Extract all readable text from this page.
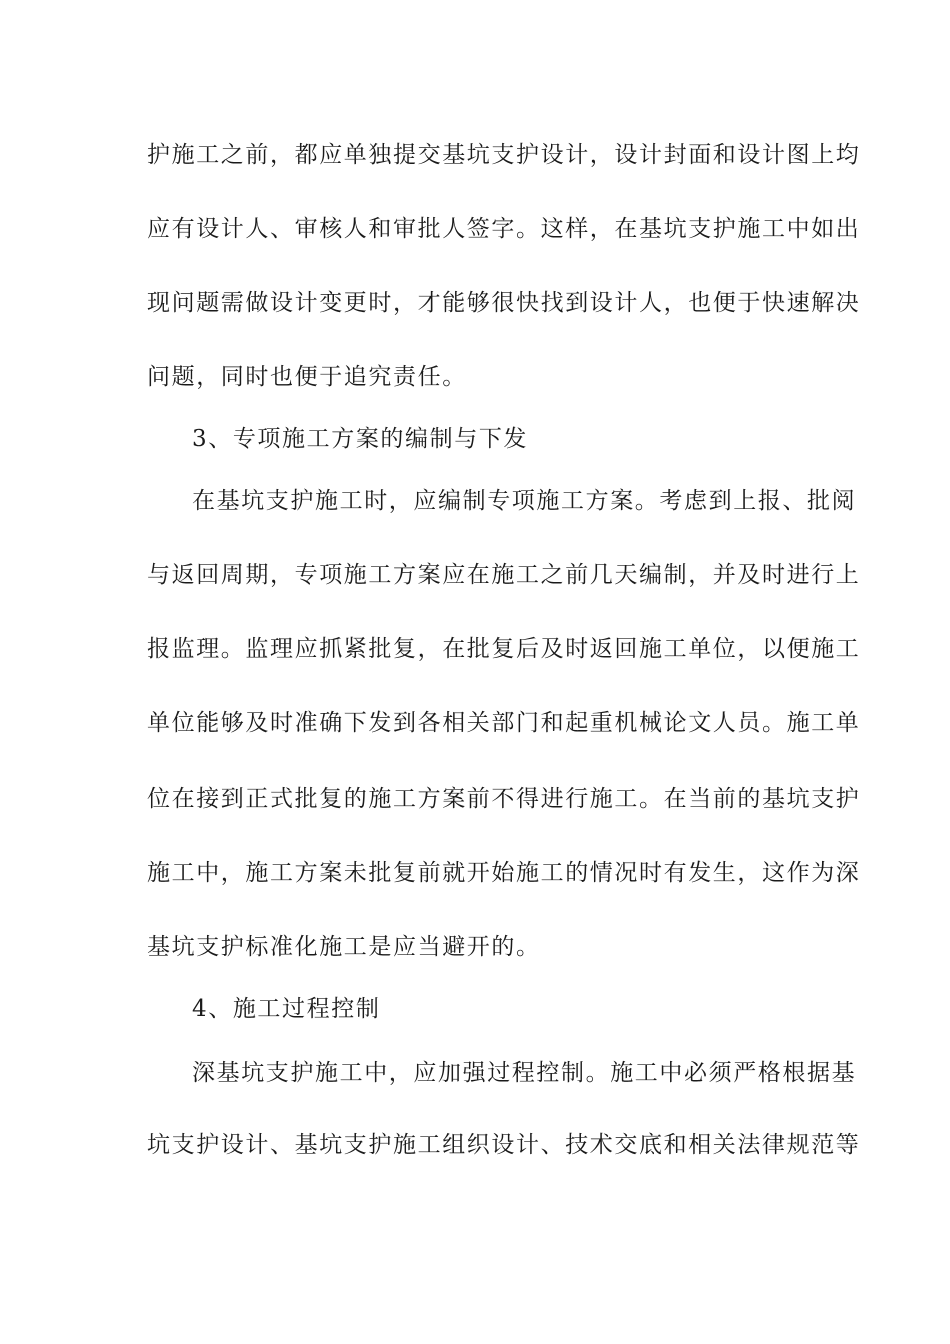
护施工之前，都应单独提交基坑支护设计，设计封面和设计图上均
应有设计人、审核人和审批人签字。这样，在基坑支护施工中如出
现问题需做设计变更时，才能够很快找到设计人，也便于快速解决
问题，同时也便于追究责任。
3、专项施工方案的编制与下发
在基坑支护施工时，应编制专项施工方案。考虑到上报、批阅
与返回周期，专项施工方案应在施工之前几天编制，并及时进行上
报监理。监理应抓紧批复，在批复后及时返回施工单位，以便施工
单位能够及时准确下发到各相关部门和起重机械论文人员。施工单
位在接到正式批复的施工方案前不得进行施工。在当前的基坑支护
施工中，施工方案未批复前就开始施工的情况时有发生，这作为深
基坑支护标准化施工是应当避开的。
4、施工过程控制
深基坑支护施工中，应加强过程控制。施工中必须严格根据基
坑支护设计、基坑支护施工组织设计、技术交底和相关法律规范等
